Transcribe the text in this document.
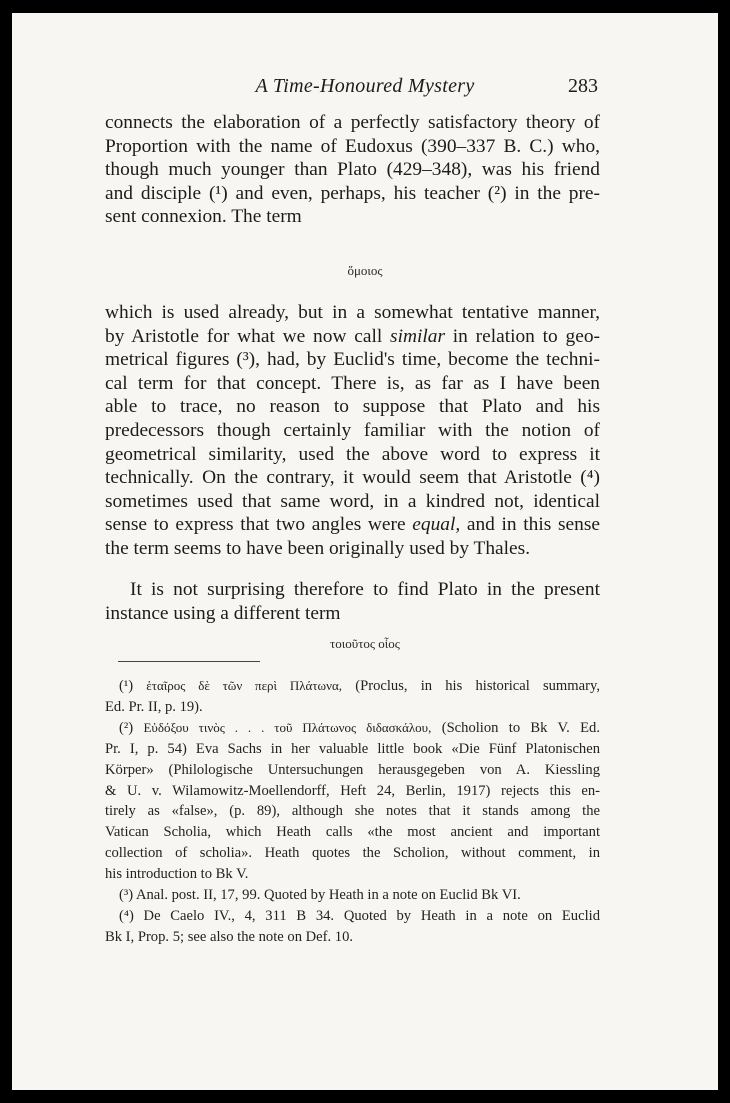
A Time-Honoured Mystery	283
connects the elaboration of a perfectly satisfactory theory of
Proportion with the name of Eudoxus (390–337 B. C.) who,
though much younger than Plato (429–348), was his friend
and disciple (¹) and even, perhaps, his teacher (²) in the pre-
sent connexion. The term
ὅμοιος
which is used already, but in a somewhat tentative manner,
by Aristotle for what we now call similar in relation to geo-
metrical figures (³), had, by Euclid's time, become the techni-
cal term for that concept. There is, as far as I have been
able to trace, no reason to suppose that Plato and his
predecessors though certainly familiar with the notion of
geometrical similarity, used the above word to express it
technically. On the contrary, it would seem that Aristotle (⁴)
sometimes used that same word, in a kindred not, identical
sense to express that two angles were equal, and in this sense
the term seems to have been originally used by Thales.
It is not surprising therefore to find Plato in the present
instance using a different term
τοιοῦτος οἷος
(¹) ἑταῖρος δὲ τῶν περὶ Πλάτωνα, (Proclus, in his historical summary,
Ed. Pr. II, p. 19).
(²) Εὐδόξου τινὸς . . . τοῦ Πλάτωνος διδασκάλου, (Scholion to Bk V. Ed.
Pr. I, p. 54) Eva Sachs in her valuable little book «Die Fünf Platonischen
Körper» (Philologische Untersuchungen herausgegeben von A. Kiessling
& U. v. Wilamowitz-Moellendorff, Heft 24, Berlin, 1917) rejects this en-
tirely as «false», (p. 89), although she notes that it stands among the
Vatican Scholia, which Heath calls «the most ancient and important
collection of scholia». Heath quotes the Scholion, without comment, in
his introduction to Bk V.
(³) Anal. post. II, 17, 99. Quoted by Heath in a note on Euclid Bk VI.
(⁴) De Caelo IV., 4, 311 B 34. Quoted by Heath in a note on Euclid
Bk I, Prop. 5; see also the note on Def. 10.
